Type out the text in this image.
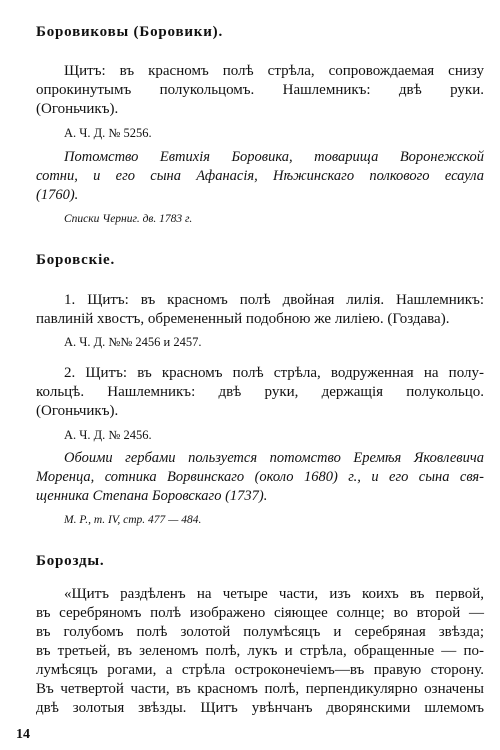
Боровиковы (Боровики).
Щитъ: въ красномъ полѣ стрѣла, сопровождаемая снизу
опрокинутымъ полукольцомъ. Нашлемникъ: двѣ руки.
(Огоньчикъ).
А. Ч. Д. № 5256.
Потомство Евтихія Боровика, товарища Воронежской
сотни, и его сына Афанасія, Нѣжинскаго полкового есаула
(1760).
Списки Черниг. дв. 1783 г.
Боровскіе.
1. Щитъ: въ красномъ полѣ двойная лилія. Нашлемникъ:
павлиній хвостъ, обремененный подобною же лиліею. (Гоздава).
А. Ч. Д. №№ 2456 и 2457.
2. Щитъ: въ красномъ полѣ стрѣла, водруженная на полу-
кольцѣ. Нашлемникъ: двѣ руки, держащія полукольцо.
(Огоньчикъ).
А. Ч. Д. № 2456.
Обоими гербами пользуется потомство Еремѣя Яковлевича
Моренца, сотника Ворвинскаго (около 1680) г., и его сына свя-
щенника Степана Боровскаго (1737).
М. Р., т. IV, стр. 477 — 484.
Борозды.
«Щитъ раздѣленъ на четыре части, изъ коихъ въ первой,
въ серебряномъ полѣ изображено сіяющее солнце; во второй —
въ голубомъ полѣ золотой полумѣсяцъ и серебряная звѣзда;
въ третьей, въ зеленомъ полѣ, лукъ и стрѣла, обращенные — по-
лумѣсяцъ рогами, а стрѣла остроконечіемъ—въ правую сторону.
Въ четвертой части, въ красномъ полѣ, перпендикулярно означены
двѣ золотыя звѣзды. Щитъ увѣнчанъ дворянскими шлемомъ
14
